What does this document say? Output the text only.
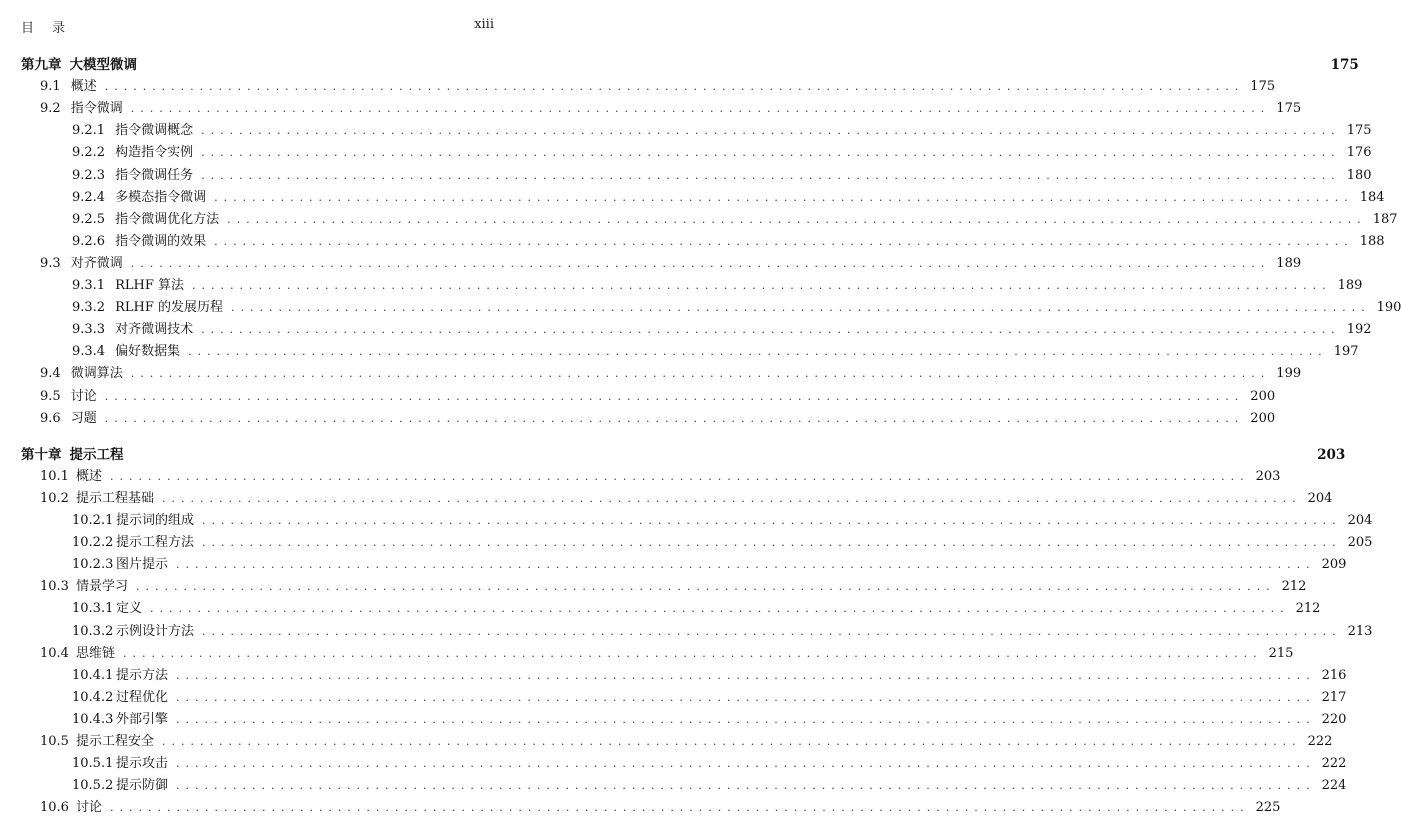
目 录	xiii
第九章 大模型微调	175
9.1 概述 ........................................................................................................................ 175
9.2 指令微调 ........................................................................................................................ 175
9.2.1 指令微调概念 ........................................................................................................................ 175
9.2.2 构造指令实例 ........................................................................................................................ 176
9.2.3 指令微调任务 ........................................................................................................................ 180
9.2.4 多模态指令微调 ........................................................................................................................ 184
9.2.5 指令微调优化方法 ........................................................................................................................ 187
9.2.6 指令微调的效果 ........................................................................................................................ 188
9.3 对齐微调 ........................................................................................................................ 189
9.3.1 RLHF 算法 ........................................................................................................................ 189
9.3.2 RLHF 的发展历程 ........................................................................................................................ 190
9.3.3 对齐微调技术 ........................................................................................................................ 192
9.3.4 偏好数据集 ........................................................................................................................ 197
9.4 微调算法 ........................................................................................................................ 199
9.5 讨论 ........................................................................................................................ 200
9.6 习题 ........................................................................................................................ 200
第十章 提示工程	203
10.1 概述 ........................................................................................................................ 203
10.2 提示工程基础 ........................................................................................................................ 204
10.2.1 提示词的组成 ........................................................................................................................ 204
10.2.2 提示工程方法 ........................................................................................................................ 205
10.2.3 图片提示 ........................................................................................................................ 209
10.3 情景学习 ........................................................................................................................ 212
10.3.1 定义 ........................................................................................................................ 212
10.3.2 示例设计方法 ........................................................................................................................ 213
10.4 思维链 ........................................................................................................................ 215
10.4.1 提示方法 ........................................................................................................................ 216
10.4.2 过程优化 ........................................................................................................................ 217
10.4.3 外部引擎 ........................................................................................................................ 220
10.5 提示工程安全 ........................................................................................................................ 222
10.5.1 提示攻击 ........................................................................................................................ 222
10.5.2 提示防御 ........................................................................................................................ 224
10.6 讨论 ........................................................................................................................ 225
